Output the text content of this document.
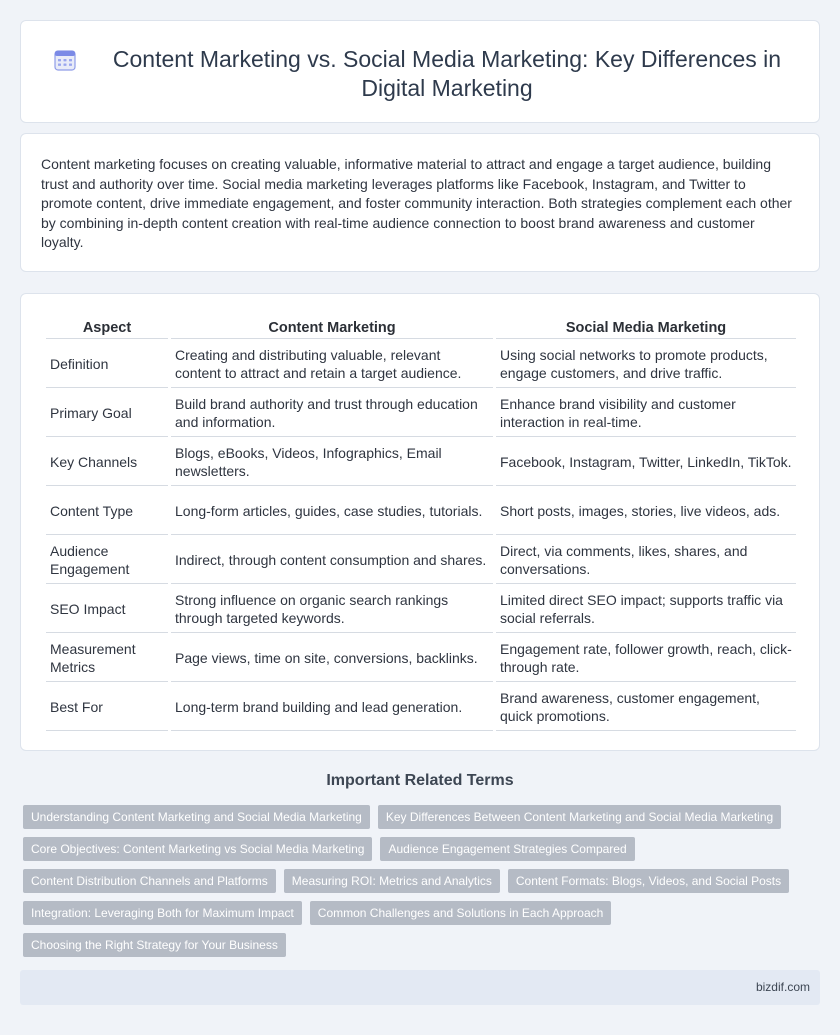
Content Marketing vs. Social Media Marketing: Key Differences in Digital Marketing

Content marketing focuses on creating valuable, informative material to attract and engage a target audience, building trust and authority over time. Social media marketing leverages platforms like Facebook, Instagram, and Twitter to promote content, drive immediate engagement, and foster community interaction. Both strategies complement each other by combining in-depth content creation with real-time audience connection to boost brand awareness and customer loyalty.

Aspect	Content Marketing	Social Media Marketing
Definition	Creating and distributing valuable, relevant content to attract and retain a target audience.	Using social networks to promote products, engage customers, and drive traffic.
Primary Goal	Build brand authority and trust through education and information.	Enhance brand visibility and customer interaction in real-time.
Key Channels	Blogs, eBooks, Videos, Infographics, Email newsletters.	Facebook, Instagram, Twitter, LinkedIn, TikTok.
Content Type	Long-form articles, guides, case studies, tutorials.	Short posts, images, stories, live videos, ads.
Audience Engagement	Indirect, through content consumption and shares.	Direct, via comments, likes, shares, and conversations.
SEO Impact	Strong influence on organic search rankings through targeted keywords.	Limited direct SEO impact; supports traffic via social referrals.
Measurement Metrics	Page views, time on site, conversions, backlinks.	Engagement rate, follower growth, reach, click-through rate.
Best For	Long-term brand building and lead generation.	Brand awareness, customer engagement, quick promotions.
Important Related Terms
Understanding Content Marketing and Social Media Marketing	Key Differences Between Content Marketing and Social Media Marketing
Core Objectives: Content Marketing vs Social Media Marketing	Audience Engagement Strategies Compared
Content Distribution Channels and Platforms	Measuring ROI: Metrics and Analytics	Content Formats: Blogs, Videos, and Social Posts
Integration: Leveraging Both for Maximum Impact	Common Challenges and Solutions in Each Approach
Choosing the Right Strategy for Your Business
bizdif.com
